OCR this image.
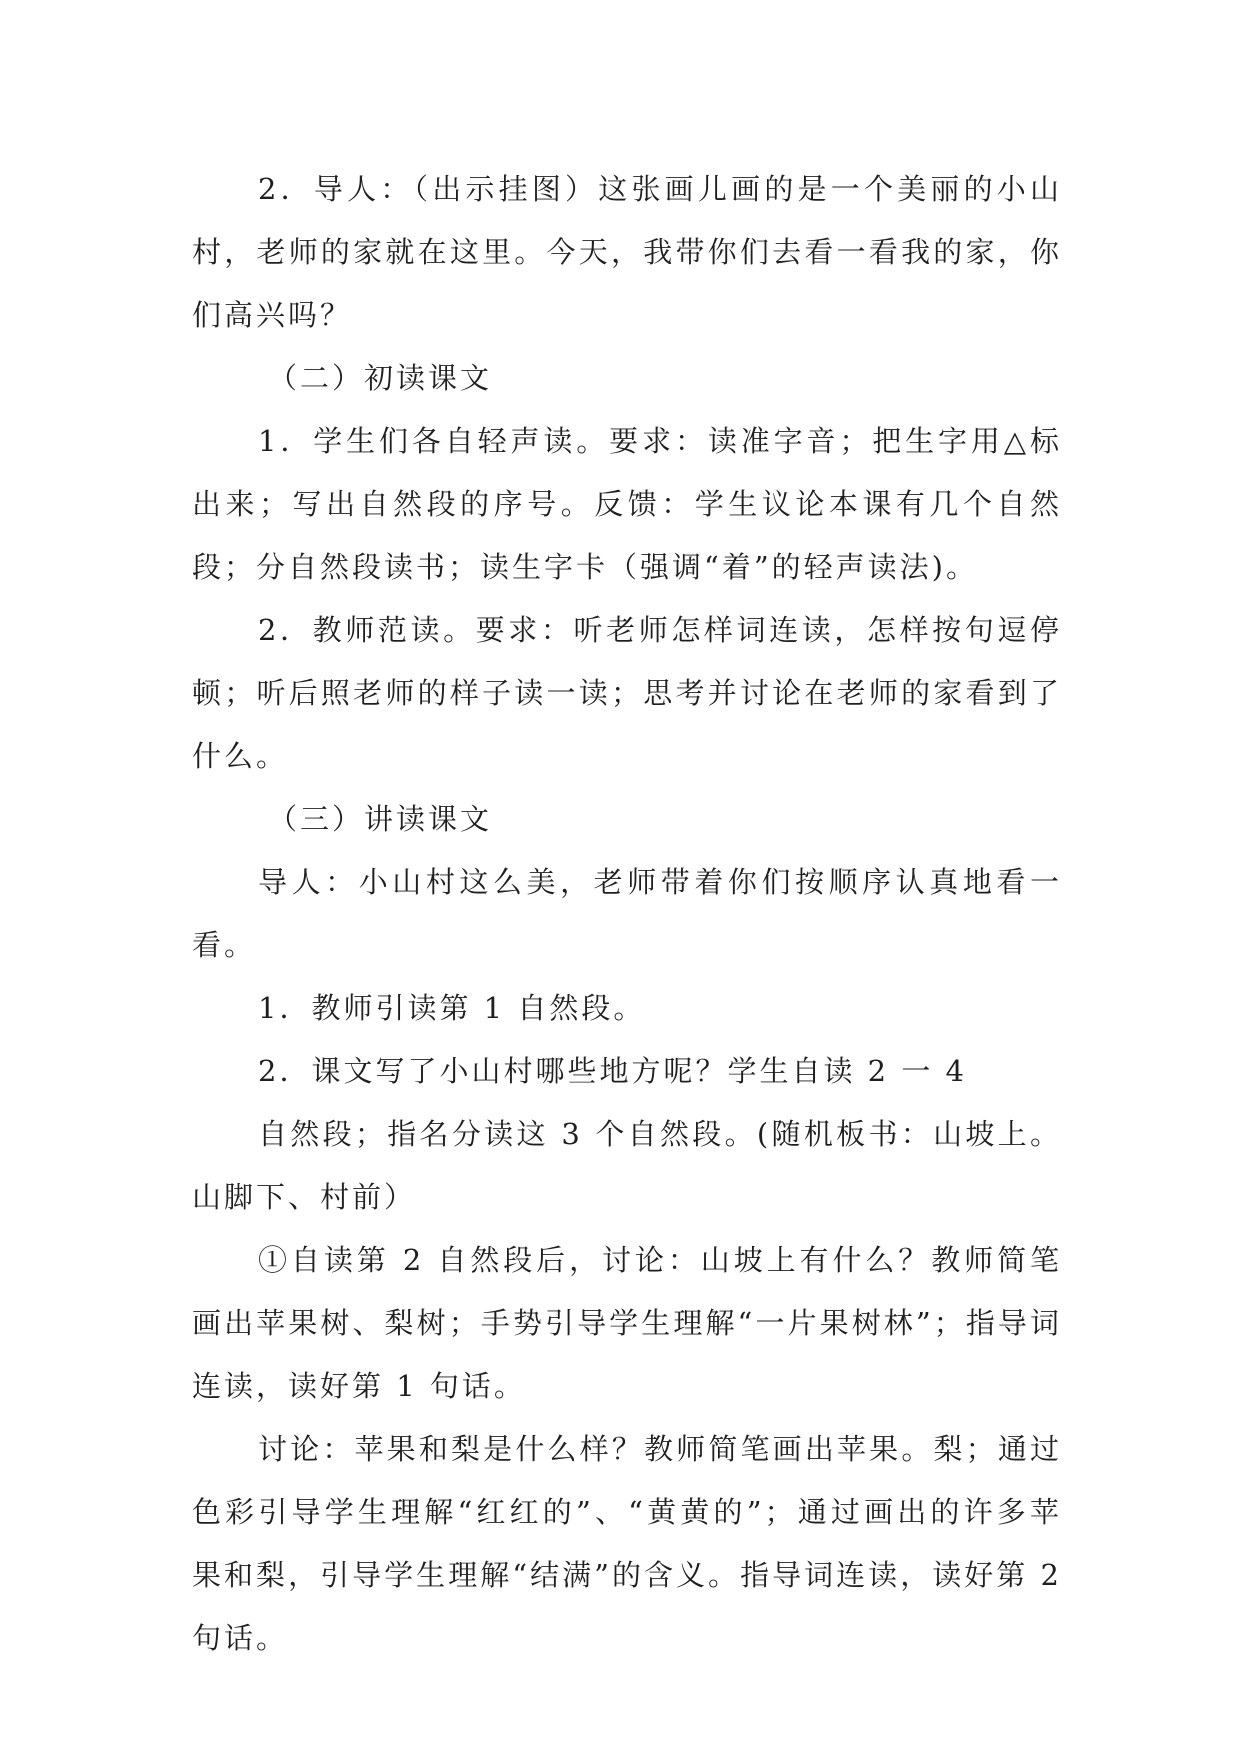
2．导人：（出示挂图）这张画儿画的是一个美丽的小山村，老师的家就在这里。今天，我带你们去看一看我的家，你们高兴吗？

（二）初读课文

1．学生们各自轻声读。要求：读准字音；把生字用△标出来；写出自然段的序号。反馈：学生议论本课有几个自然段；分自然段读书；读生字卡（强调“着”的轻声读法)。

2．教师范读。要求：听老师怎样词连读，怎样按句逗停顿；听后照老师的样子读一读；思考并讨论在老师的家看到了什么。

（三）讲读课文

导人：小山村这么美，老师带着你们按顺序认真地看一看。

1．教师引读第 1 自然段。

2．课文写了小山村哪些地方呢？学生自读 2 一 4

自然段；指名分读这 3 个自然段。(随机板书：山坡上。山脚下、村前）

①自读第 2 自然段后，讨论：山坡上有什么？教师简笔画出苹果树、梨树；手势引导学生理解“一片果树林”；指导词连读，读好第 1 句话。

讨论：苹果和梨是什么样？教师简笔画出苹果。梨；通过色彩引导学生理解“红红的”、“黄黄的”；通过画出的许多苹果和梨，引导学生理解“结满”的含义。指导词连读，读好第 2 句话。
